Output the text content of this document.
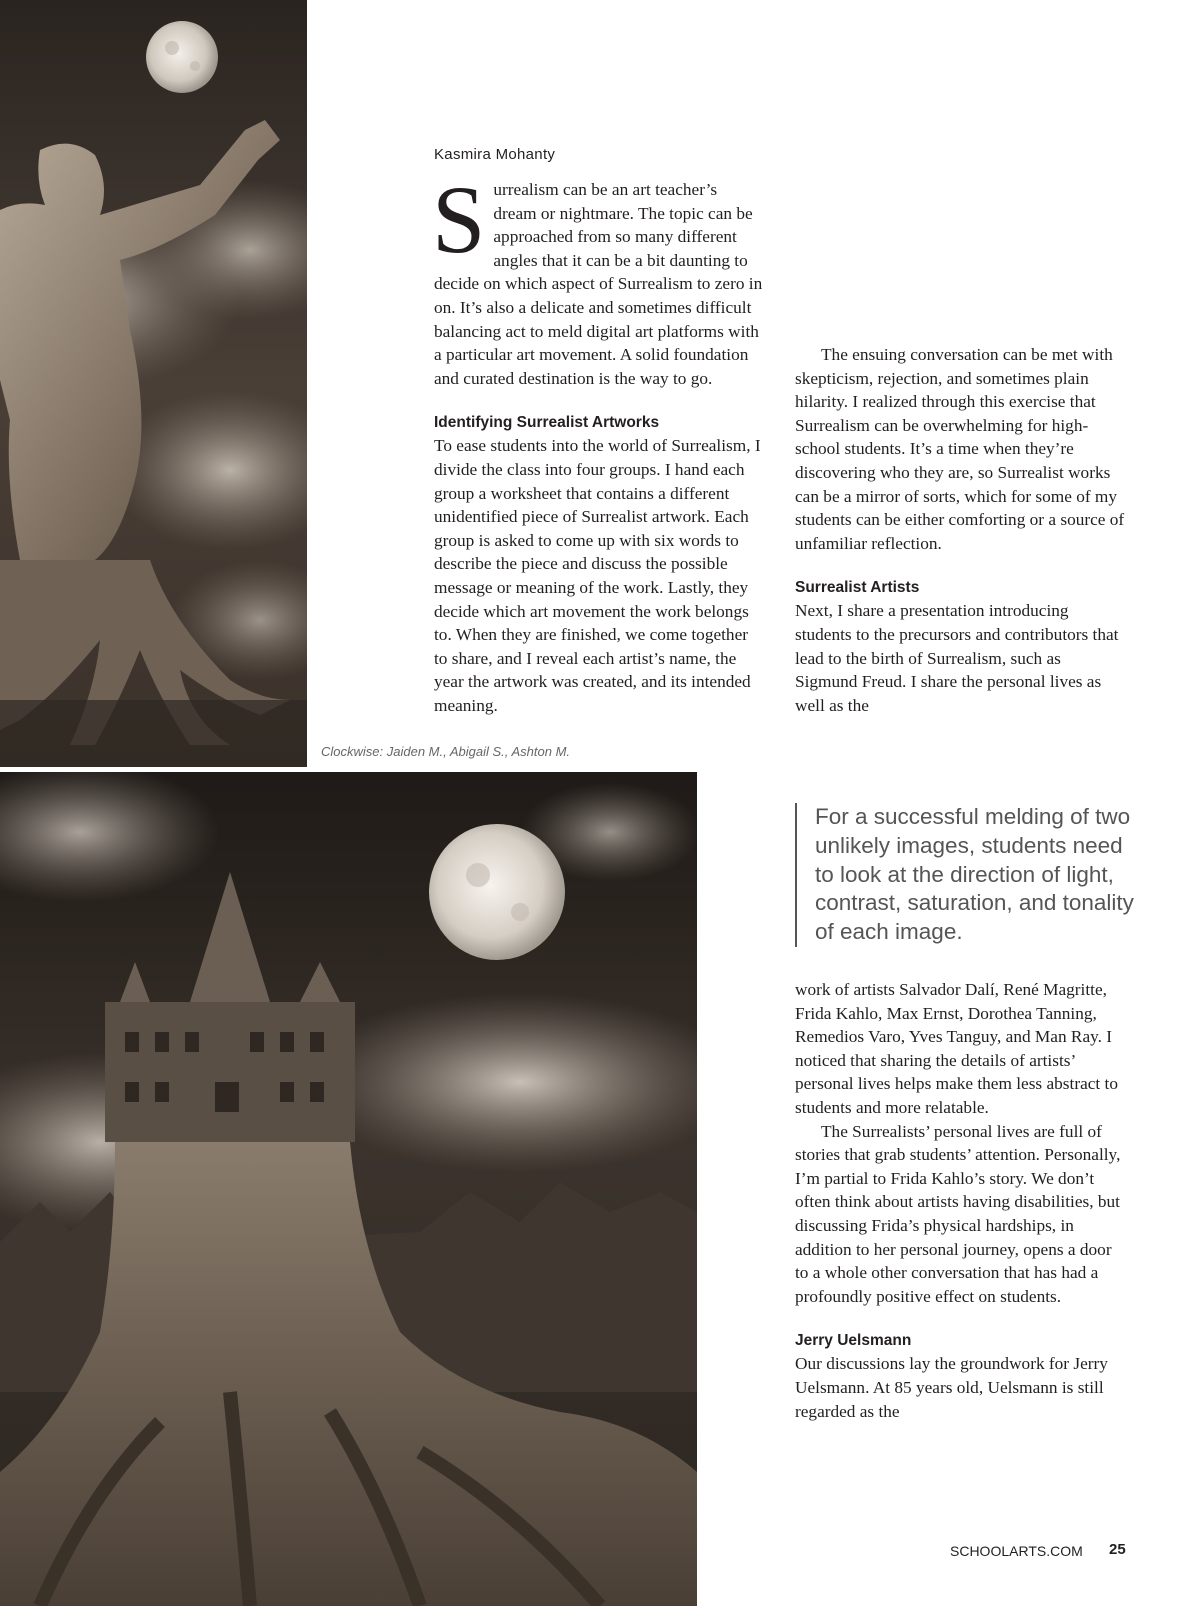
Clockwise: Jaiden M., Abigail S., Ashton M.
Kasmira Mohanty

Surrealism can be an art teacher’s dream or nightmare. The topic can be approached from so many different angles that it can be a bit daunting to decide on which aspect of Surrealism to zero in on. It’s also a delicate and sometimes difficult balancing act to meld digital art platforms with a particular art movement. A solid foundation and curated destination is the way to go.

Identifying Surrealist Artworks

To ease students into the world of Surrealism, I divide the class into four groups. I hand each group a worksheet that contains a different unidentified piece of Surrealist artwork. Each group is asked to come up with six words to describe the piece and discuss the possible message or meaning of the work. Lastly, they decide which art movement the work belongs to. When they are finished, we come together to share, and I reveal each artist’s name, the year the artwork was created, and its intended meaning.

The ensuing conversation can be met with skepticism, rejection, and sometimes plain hilarity. I realized through this exercise that Surrealism can be overwhelming for high-school students. It’s a time when they’re discovering who they are, so Surrealist works can be a mirror of sorts, which for some of my students can be either comforting or a source of unfamiliar reflection.

Surrealist Artists

Next, I share a presentation introducing students to the precursors and contributors that lead to the birth of Surrealism, such as Sigmund Freud. I share the personal lives as well as the

For a successful melding of two unlikely images, students need to look at the direction of light, contrast, saturation, and tonality of each image.

work of artists Salvador Dalí, René Magritte, Frida Kahlo, Max Ernst, Dorothea Tanning, Remedios Varo, Yves Tanguy, and Man Ray. I noticed that sharing the details of artists’ personal lives helps make them less abstract to students and more relatable.

The Surrealists’ personal lives are full of stories that grab students’ attention. Personally, I’m partial to Frida Kahlo’s story. We don’t often think about artists having disabilities, but discussing Frida’s physical hardships, in addition to her personal journey, opens a door to a whole other conversation that has had a profoundly positive effect on students.

Jerry Uelsmann

Our discussions lay the groundwork for Jerry Uelsmann. At 85 years old, Uelsmann is still regarded as the

SCHOOLARTS.COM 25
